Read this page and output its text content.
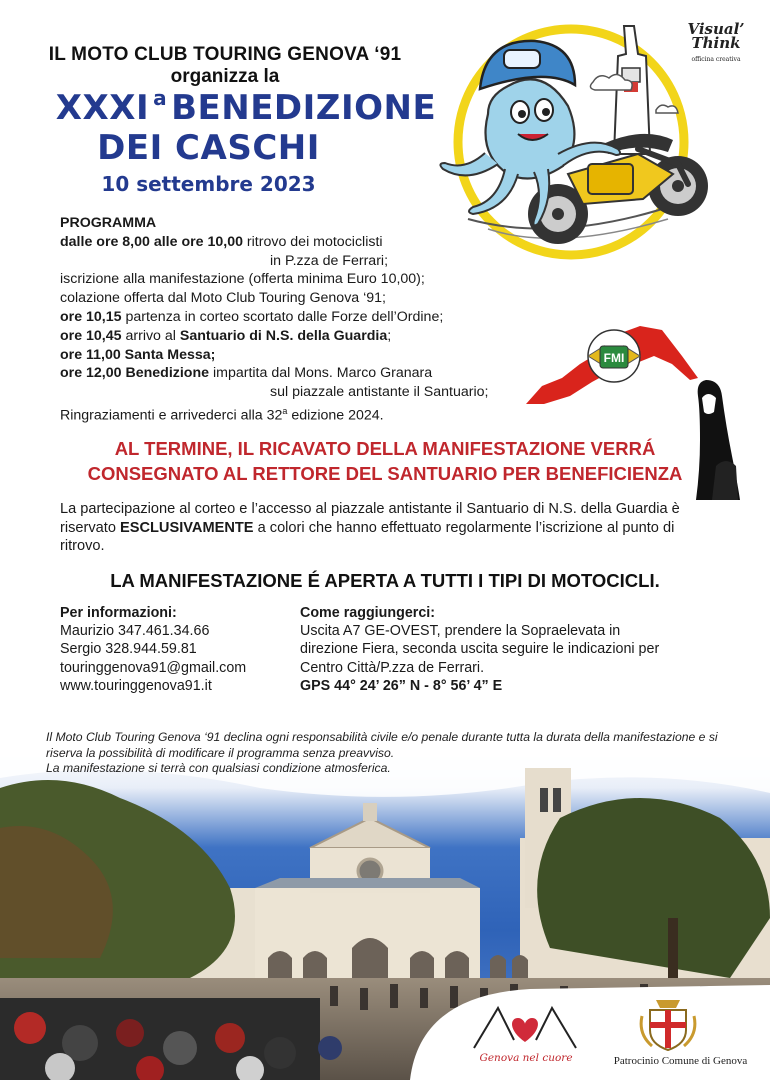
IL MOTO CLUB TOURING GENOVA ‘91
organizza la
XXXI $^a$ BENEDIZIONE
DEI CASCHI
10 settembre 2023
Visual’
Think
officina creativa
PROGRAMMA
dalle ore 8,00 alle ore 10,00 ritrovo dei motociclisti
in P.zza de Ferrari;
iscrizione alla manifestazione (offerta minima Euro 10,00);
colazione offerta dal Moto Club Touring Genova ‘91;
ore 10,15 partenza in corteo scortato dalle Forze dell’Ordine;
ore 10,45 arrivo al Santuario di N.S. della Guardia;
ore 11,00 Santa Messa;
ore 12,00 Benedizione impartita dal Mons. Marco Granara
sul piazzale antistante il Santuario;
Ringraziamenti e arrivederci alla 32$^a$ edizione 2024.
FMI
AL TERMINE, IL RICAVATO DELLA MANIFESTAZIONE VERRÁ
CONSEGNATO AL RETTORE DEL SANTUARIO PER BENEFICIENZA
La partecipazione al corteo e l’accesso al piazzale antistante il Santuario di N.S. della Guardia è riservato ESCLUSIVAMENTE a colori che hanno effettuato regolarmente l’iscrizione al punto di ritrovo.
LA MANIFESTAZIONE É APERTA A TUTTI I TIPI DI MOTOCICLI.
Per informazioni:
Maurizio 347.461.34.66
Sergio 328.944.59.81
touringgenova91@gmail.com
www.touringgenova91.it
Come raggiungerci:
Uscita A7 GE-OVEST, prendere la Sopraelevata in direzione Fiera, seconda uscita seguire le indicazioni per Centro Città/P.zza de Ferrari.
GPS 44° 24’ 26” N - 8° 56’ 4” E
Il Moto Club Touring Genova ‘91 declina ogni responsabilità civile e/o penale durante tutta la durata della manifestazione e si riserva la possibilità di modificare il programma senza preavviso.
La manifestazione si terrà con qualsiasi condizione atmosferica.
Genova nel cuore	Patrocinio Comune di Genova
